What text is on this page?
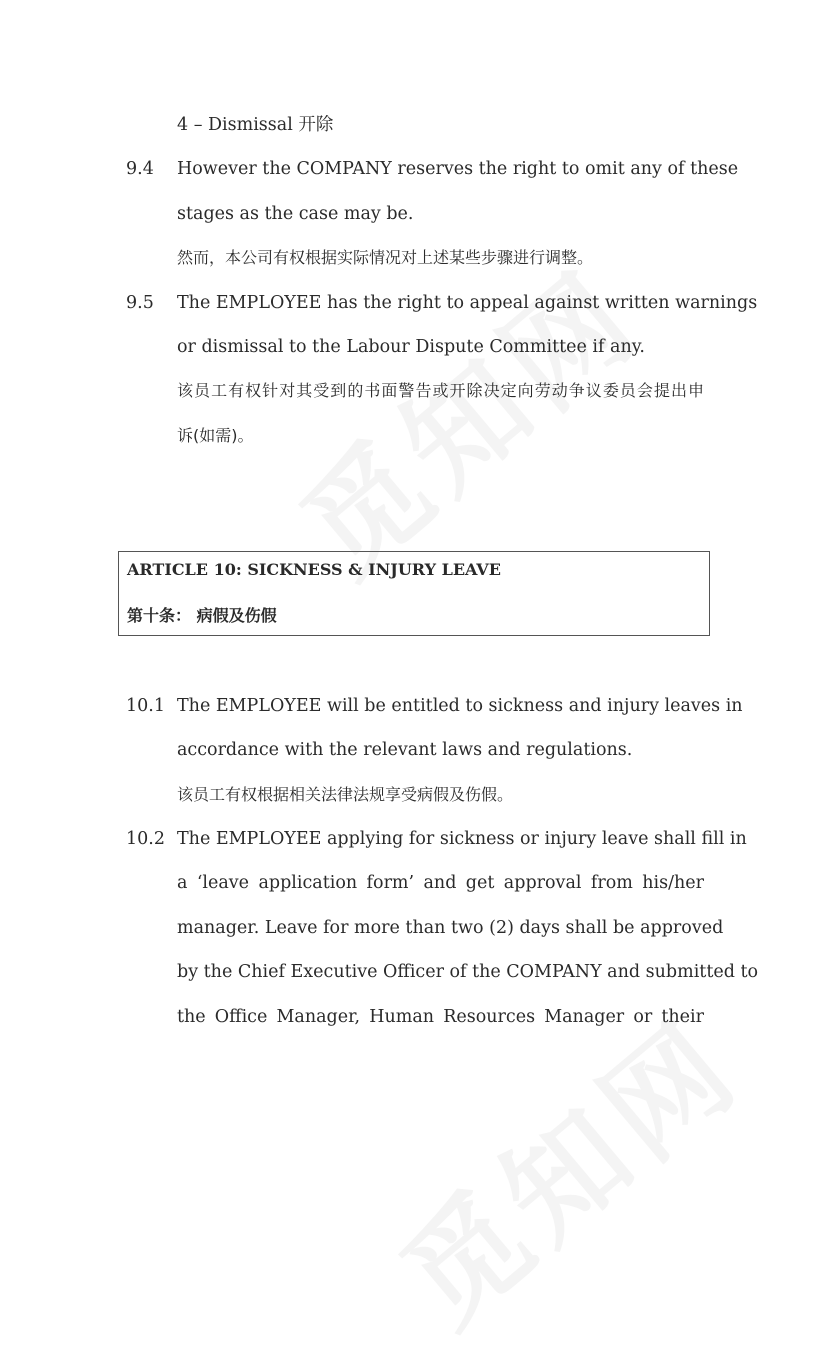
4 – Dismissal 开除
9.4 However the COMPANY reserves the right to omit any of these
stages as the case may be.
然而，本公司有权根据实际情况对上述某些步骤进行调整。
9.5 The EMPLOYEE has the right to appeal against written warnings
or dismissal to the Labour Dispute Committee if any.
该员工有权针对其受到的书面警告或开除决定向劳动争议委员会提出申
诉(如需)。
ARTICLE 10: SICKNESS & INJURY LEAVE
第十条： 病假及伤假
10.1 The EMPLOYEE will be entitled to sickness and injury leaves in
accordance with the relevant laws and regulations.
该员工有权根据相关法律法规享受病假及伤假。
10.2 The EMPLOYEE applying for sickness or injury leave shall fill in
a ‘leave application form’ and get approval from his/her
manager. Leave for more than two (2) days shall be approved
by the Chief Executive Officer of the COMPANY and submitted to
the Office Manager, Human Resources Manager or their
